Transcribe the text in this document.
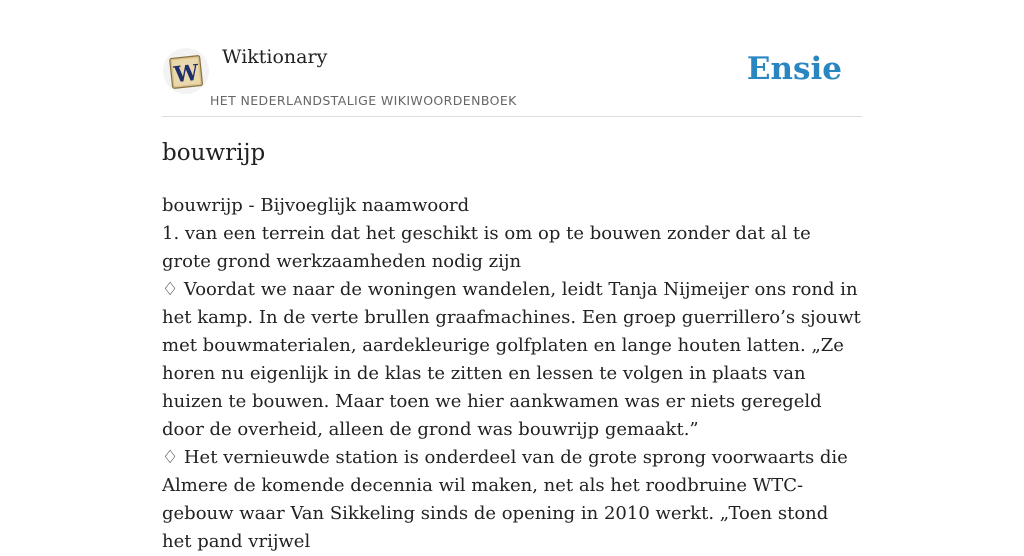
W
Wiktionary
HET NEDERLANDSTALIGE WIKIWOORDENBOEK
Ensie
bouwrijp

bouwrijp - Bijvoeglijk naamwoord

1. van een terrein dat het geschikt is om op te bouwen zonder dat al te grote grond werkzaamheden nodig zijn

♢ Voordat we naar de woningen wandelen, leidt Tanja Nijmeijer ons rond in het kamp. In de verte brullen graafmachines. Een groep guerrillero’s sjouwt met bouwmaterialen, aardekleurige golfplaten en lange houten latten. „Ze horen nu eigenlijk in de klas te zitten en lessen te volgen in plaats van huizen te bouwen. Maar toen we hier aankwamen was er niets geregeld door de overheid, alleen de grond was bouwrijp gemaakt.”

♢ Het vernieuwde station is onderdeel van de grote sprong voorwaarts die Almere de komende decennia wil maken, net als het roodbruine WTC-gebouw waar Van Sikkeling sinds de opening in 2010 werkt. „Toen stond het pand vrijwel
